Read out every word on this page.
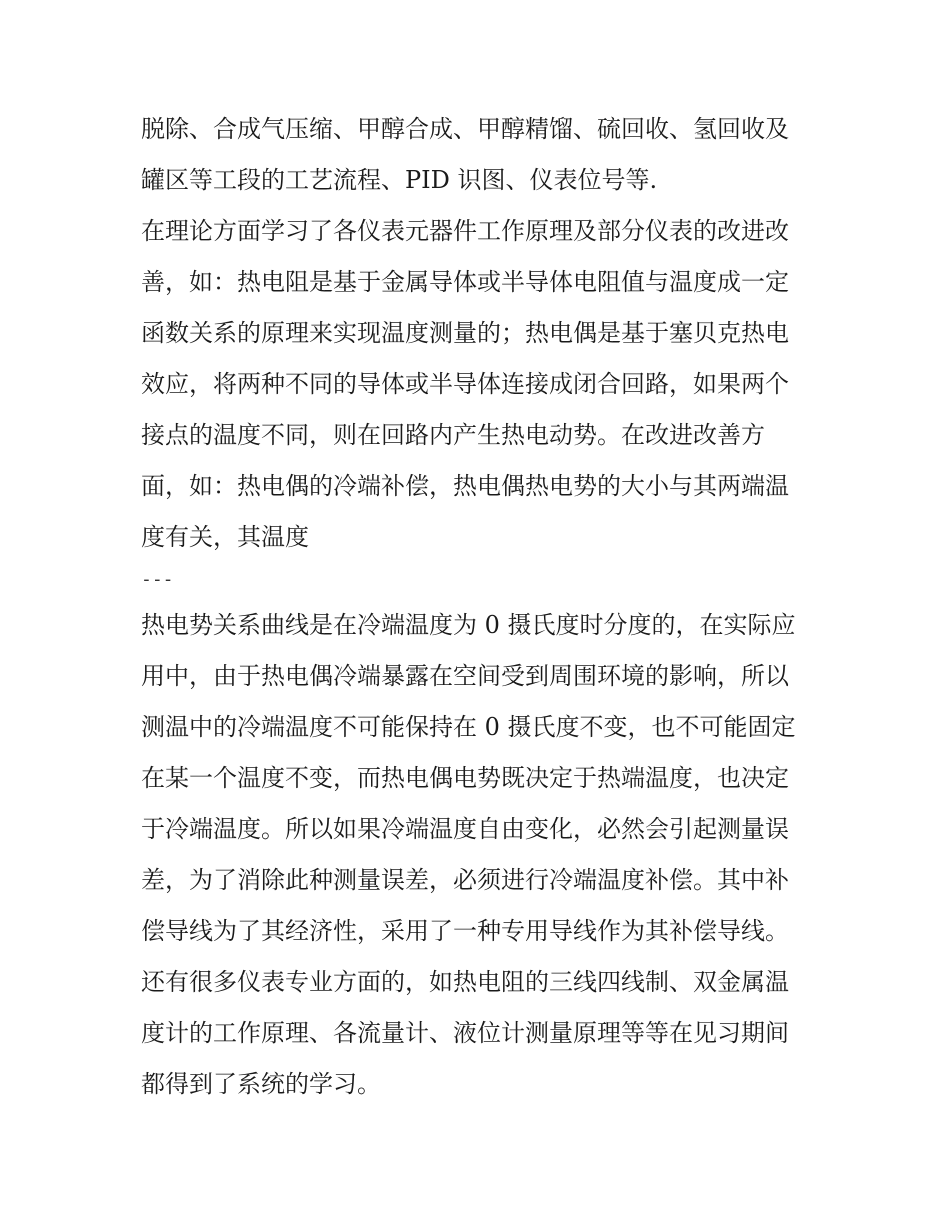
脱除、合成气压缩、甲醇合成、甲醇精馏、硫回收、氢回收及
罐区等工段的工艺流程、PID 识图、仪表位号等.
在理论方面学习了各仪表元器件工作原理及部分仪表的改进改
善，如：热电阻是基于金属导体或半导体电阻值与温度成一定
函数关系的原理来实现温度测量的；热电偶是基于塞贝克热电
效应，将两种不同的导体或半导体连接成闭合回路，如果两个
接点的温度不同，则在回路内产生热电动势。在改进改善方
面，如：热电偶的冷端补偿，热电偶热电势的大小与其两端温
度有关，其温度
---
热电势关系曲线是在冷端温度为 0 摄氏度时分度的，在实际应
用中，由于热电偶冷端暴露在空间受到周围环境的影响，所以
测温中的冷端温度不可能保持在 0 摄氏度不变，也不可能固定
在某一个温度不变，而热电偶电势既决定于热端温度，也决定
于冷端温度。所以如果冷端温度自由变化，必然会引起测量误
差，为了消除此种测量误差，必须进行冷端温度补偿。其中补
偿导线为了其经济性，采用了一种专用导线作为其补偿导线。
还有很多仪表专业方面的，如热电阻的三线四线制、双金属温
度计的工作原理、各流量计、液位计测量原理等等在见习期间
都得到了系统的学习。
